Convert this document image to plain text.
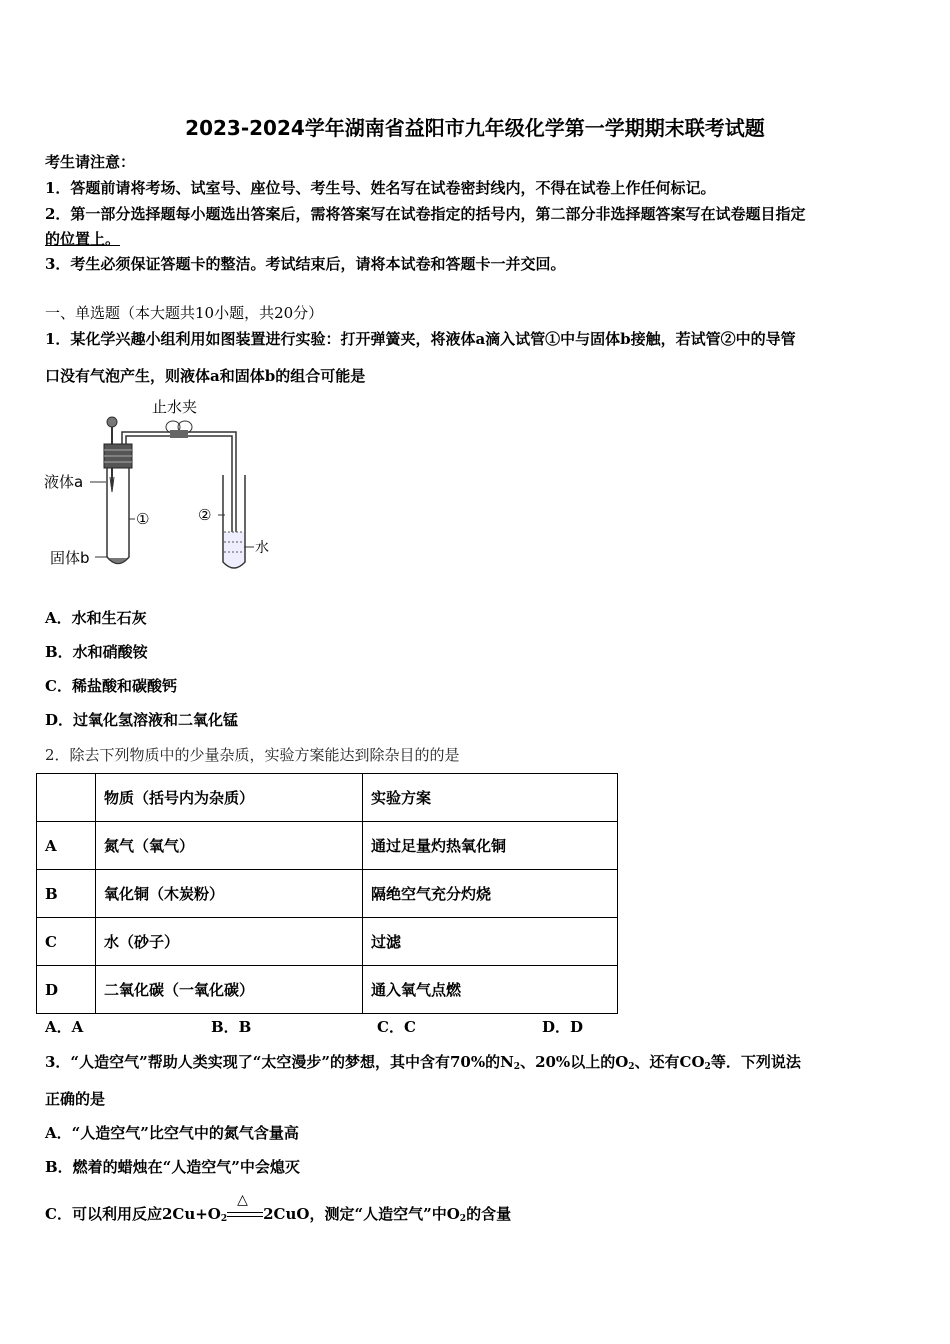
2023-2024学年湖南省益阳市九年级化学第一学期期末联考试题
考生请注意：
1．答题前请将考场、试室号、座位号、考生号、姓名写在试卷密封线内，不得在试卷上作任何标记。
2．第一部分选择题每小题选出答案后，需将答案写在试卷指定的括号内，第二部分非选择题答案写在试卷题目指定
的位置上。
3．考生必须保证答题卡的整洁。考试结束后，请将本试卷和答题卡一并交回。
一、单选题（本大题共10小题，共20分）
1．某化学兴趣小组利用如图装置进行实验：打开弹簧夹，将液体a滴入试管①中与固体b接触，若试管②中的导管
口没有气泡产生，则液体a和固体b的组合可能是
止水夹
液体a
固体b
①	②
水
A．水和生石灰
B．水和硝酸铵
C．稀盐酸和碳酸钙
D．过氧化氢溶液和二氧化锰
2．除去下列物质中的少量杂质，实验方案能达到除杂目的的是
	物质（括号内为杂质）	实验方案
A	氮气（氧气）	通过足量灼热氧化铜
B	氧化铜（木炭粉）	隔绝空气充分灼烧
C	水（砂子）	过滤
D	二氧化碳（一氧化碳）	通入氧气点燃
A．A	B．B	C．C	D．D
3．“人造空气”帮助人类实现了“太空漫步”的梦想，其中含有70%的$N_2$、20%以上的$O_2$、还有$CO_2$等．下列说法
正确的是
A．“人造空气”比空气中的氮气含量高
B．燃着的蜡烛在“人造空气”中会熄灭
C．可以利用反应$2Cu+O_2$
△
2CuO，测定“人造空气”中$O_2$的含量
